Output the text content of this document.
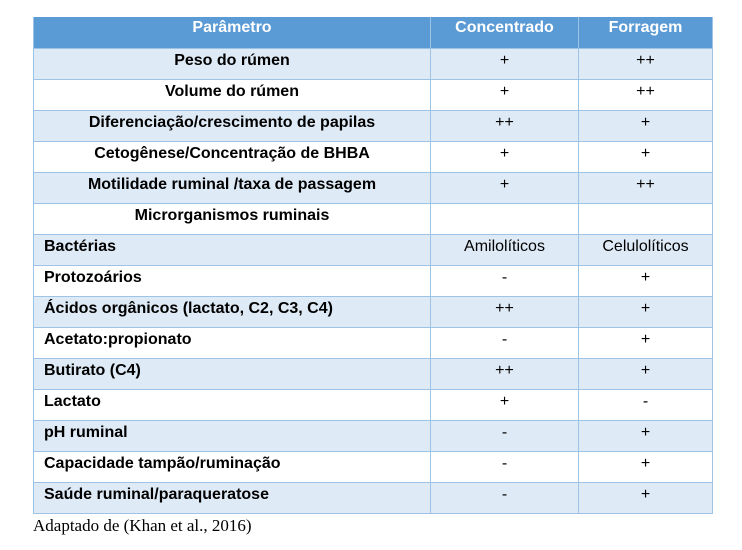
Parâmetro	Concentrado	Forragem
Peso do rúmen	+	++
Volume do rúmen	+	++
Diferenciação/crescimento de papilas	++	+
Cetogênese/Concentração de BHBA	+	+
Motilidade ruminal /taxa de passagem	+	++
Microrganismos ruminais		
Bactérias	Amilolíticos	Celulolíticos
Protozoários	-	+
Ácidos orgânicos (lactato, C2, C3, C4)	++	+
Acetato:propionato	-	+
Butirato (C4)	++	+
Lactato	+	-
pH ruminal	-	+
Capacidade tampão/ruminação	-	+
Saúde ruminal/paraqueratose	-	+
Adaptado de (Khan et al., 2016)
